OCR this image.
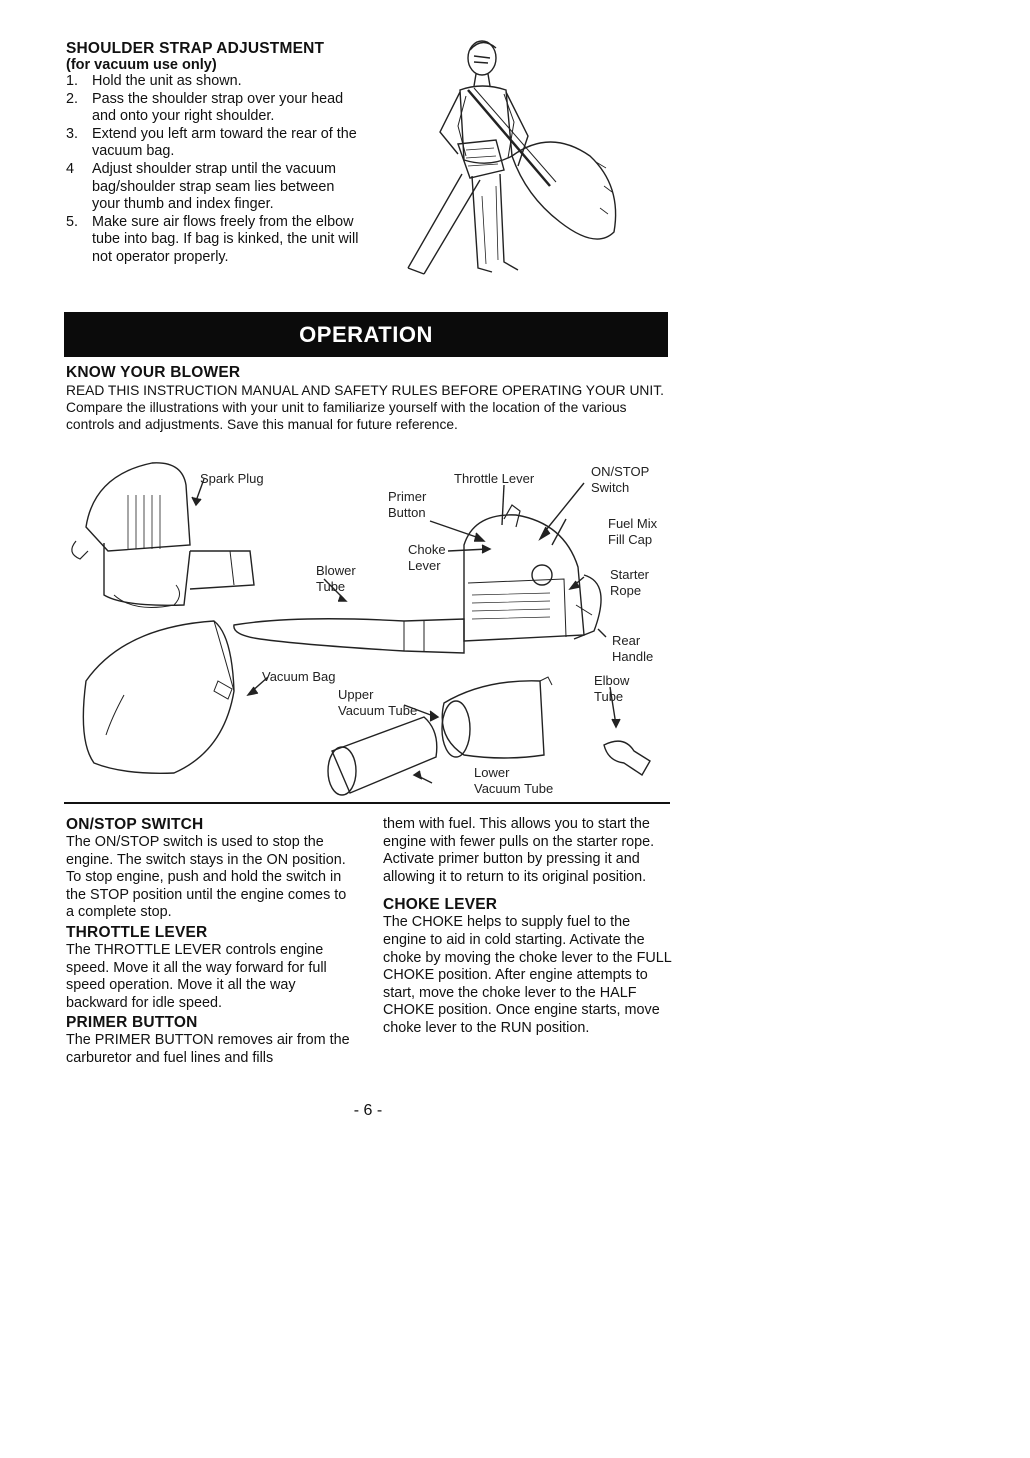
SHOULDER STRAP ADJUSTMENT
(for vacuum use only)
1. Hold the unit as shown.
2. Pass the shoulder strap over your head and onto your right shoulder.
3. Extend you left arm toward the rear of the vacuum bag.
4 Adjust shoulder strap until the vacuum bag/shoulder strap seam lies between your thumb and index finger.
5. Make sure air flows freely from the elbow tube into bag. If bag is kinked, the unit will not operator properly.
OPERATION
KNOW YOUR BLOWER
READ THIS INSTRUCTION MANUAL AND SAFETY RULES BEFORE OPERATING YOUR UNIT. Compare the illustrations with your unit to familiarize yourself with the location of the various controls and adjustments. Save this manual for future reference.
Spark Plug
Primer
Button
Throttle Lever	ON/STOP
Switch
Fuel Mix
Fill Cap
Choke
Lever
Blower
Tube
Starter
Rope
Rear
Handle
Vacuum Bag
Upper
Vacuum Tube
Elbow
Tube
Lower
Vacuum Tube
ON/STOP SWITCH
The ON/STOP switch is used to stop the engine. The switch stays in the ON position. To stop engine, push and hold the switch in the STOP position until the engine comes to a complete stop.
THROTTLE LEVER
The THROTTLE LEVER controls engine speed. Move it all the way forward for full speed operation. Move it all the way backward for idle speed.
PRIMER BUTTON
The PRIMER BUTTON removes air from the carburetor and fuel lines and fills
them with fuel. This allows you to start the engine with fewer pulls on the starter rope. Activate primer button by pressing it and allowing it to return to its original position.
CHOKE LEVER
The CHOKE helps to supply fuel to the engine to aid in cold starting. Activate the choke by moving the choke lever to the FULL CHOKE position. After engine attempts to start, move the choke lever to the HALF CHOKE position. Once engine starts, move choke lever to the RUN position.
- 6 -
